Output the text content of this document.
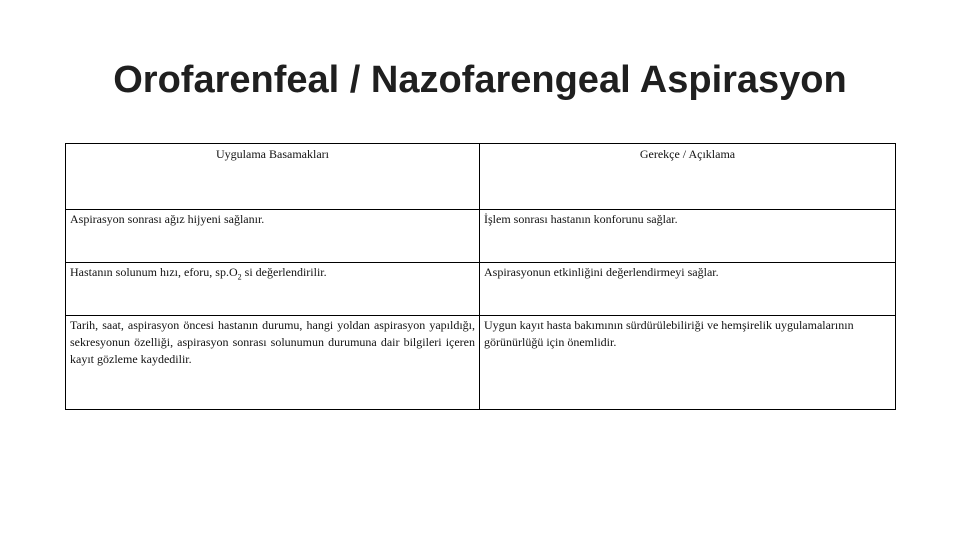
Orofarenfeal / Nazofarengeal Aspirasyon
Uygulama Basamakları	Gerekçe / Açıklama
Aspirasyon sonrası ağız hijyeni sağlanır.	İşlem sonrası hastanın konforunu sağlar.
Hastanın solunum hızı, eforu, $sp.O_2$ si değerlendirilir.	Aspirasyonun etkinliğini değerlendirmeyi sağlar.
Tarih, saat, aspirasyon öncesi hastanın durumu, hangi yoldan aspirasyon yapıldığı, sekresyonun özelliği, aspirasyon sonrası solunumun durumuna dair bilgileri içeren kayıt gözleme kaydedilir.	Uygun kayıt hasta bakımının sürdürülebiliriği ve hemşirelik uygulamalarının görünürlüğü için önemlidir.
